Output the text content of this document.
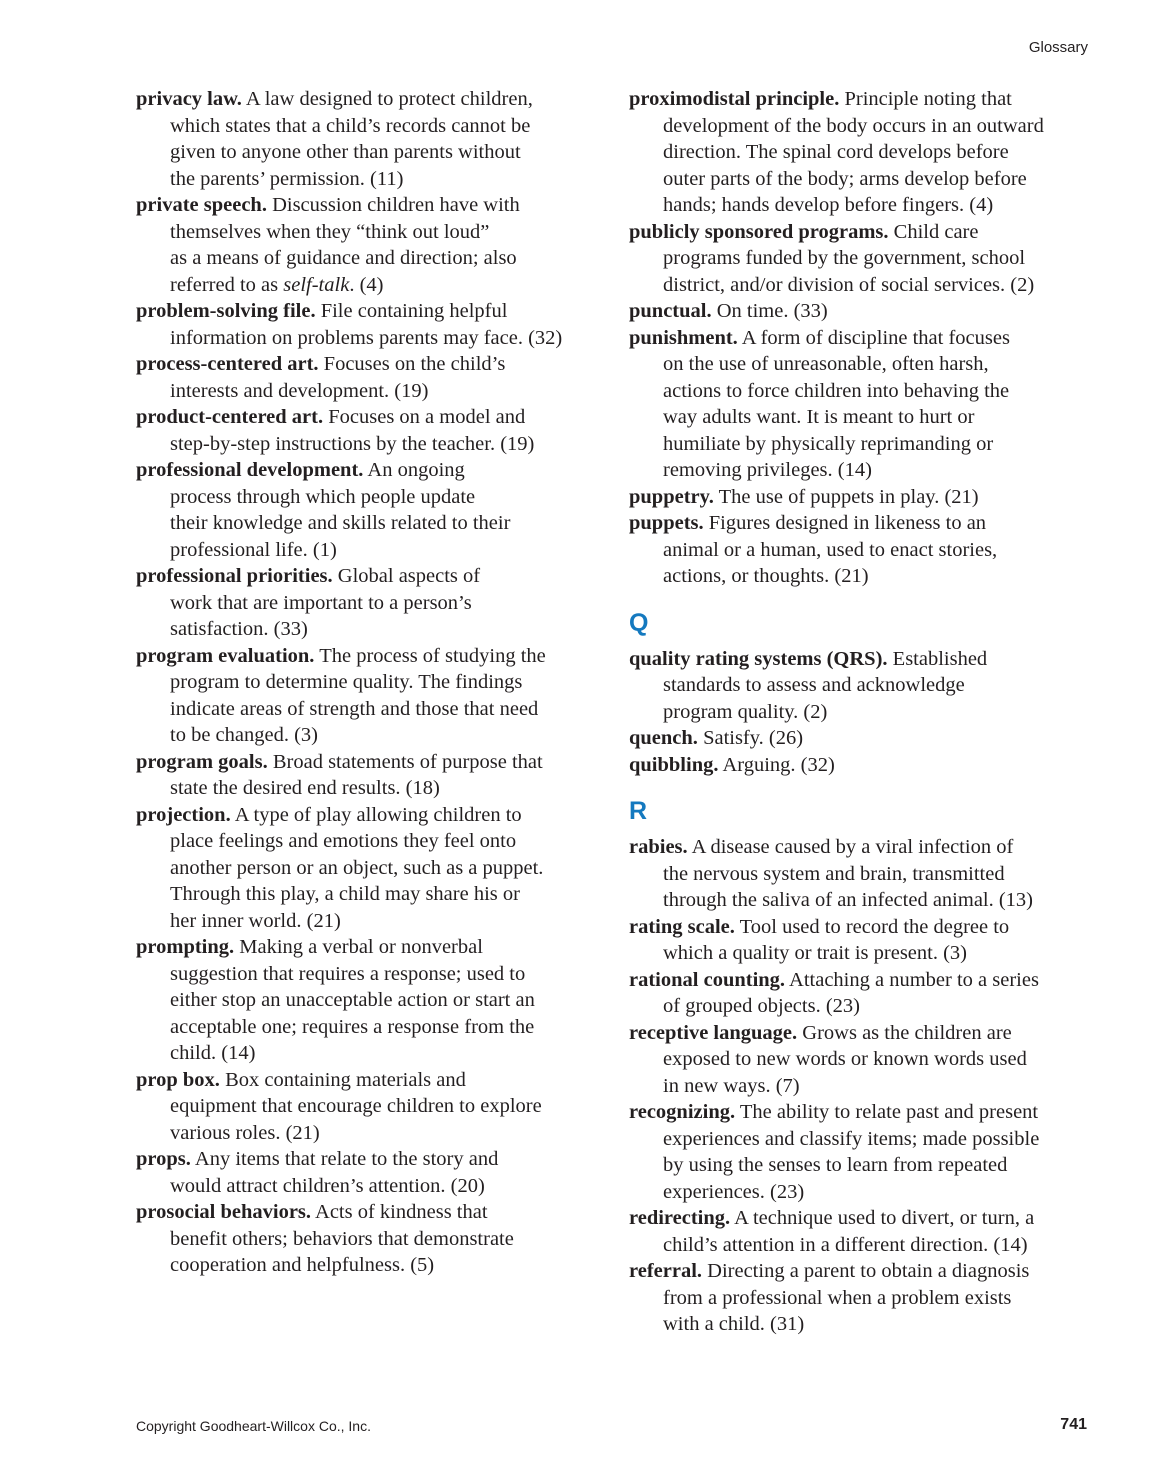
Glossary
privacy law. A law designed to protect children,
which states that a child’s records cannot be
given to anyone other than parents without
the parents’ permission. (11)
private speech. Discussion children have with
themselves when they “think out loud”
as a means of guidance and direction; also
referred to as self-talk. (4)
problem-solving file. File containing helpful
information on problems parents may face. (32)
process-centered art. Focuses on the child’s
interests and development. (19)
product-centered art. Focuses on a model and
step-by-step instructions by the teacher. (19)
professional development. An ongoing
process through which people update
their knowledge and skills related to their
professional life. (1)
professional priorities. Global aspects of
work that are important to a person’s
satisfaction. (33)
program evaluation. The process of studying the
program to determine quality. The findings
indicate areas of strength and those that need
to be changed. (3)
program goals. Broad statements of purpose that
state the desired end results. (18)
projection. A type of play allowing children to
place feelings and emotions they feel onto
another person or an object, such as a puppet.
Through this play, a child may share his or
her inner world. (21)
prompting. Making a verbal or nonverbal
suggestion that requires a response; used to
either stop an unacceptable action or start an
acceptable one; requires a response from the
child. (14)
prop box. Box containing materials and
equipment that encourage children to explore
various roles. (21)
props. Any items that relate to the story and
would attract children’s attention. (20)
prosocial behaviors. Acts of kindness that
benefit others; behaviors that demonstrate
cooperation and helpfulness. (5)
proximodistal principle. Principle noting that
development of the body occurs in an outward
direction. The spinal cord develops before
outer parts of the body; arms develop before
hands; hands develop before fingers. (4)
publicly sponsored programs. Child care
programs funded by the government, school
district, and/or division of social services. (2)
punctual. On time. (33)
punishment. A form of discipline that focuses
on the use of unreasonable, often harsh,
actions to force children into behaving the
way adults want. It is meant to hurt or
humiliate by physically reprimanding or
removing privileges. (14)
puppetry. The use of puppets in play. (21)
puppets. Figures designed in likeness to an
animal or a human, used to enact stories,
actions, or thoughts. (21)
Q
quality rating systems (QRS). Established
standards to assess and acknowledge
program quality. (2)
quench. Satisfy. (26)
quibbling. Arguing. (32)
R
rabies. A disease caused by a viral infection of
the nervous system and brain, transmitted
through the saliva of an infected animal. (13)
rating scale. Tool used to record the degree to
which a quality or trait is present. (3)
rational counting. Attaching a number to a series
of grouped objects. (23)
receptive language. Grows as the children are
exposed to new words or known words used
in new ways. (7)
recognizing. The ability to relate past and present
experiences and classify items; made possible
by using the senses to learn from repeated
experiences. (23)
redirecting. A technique used to divert, or turn, a
child’s attention in a different direction. (14)
referral. Directing a parent to obtain a diagnosis
from a professional when a problem exists
with a child. (31)
Copyright Goodheart-Willcox Co., Inc.	741
